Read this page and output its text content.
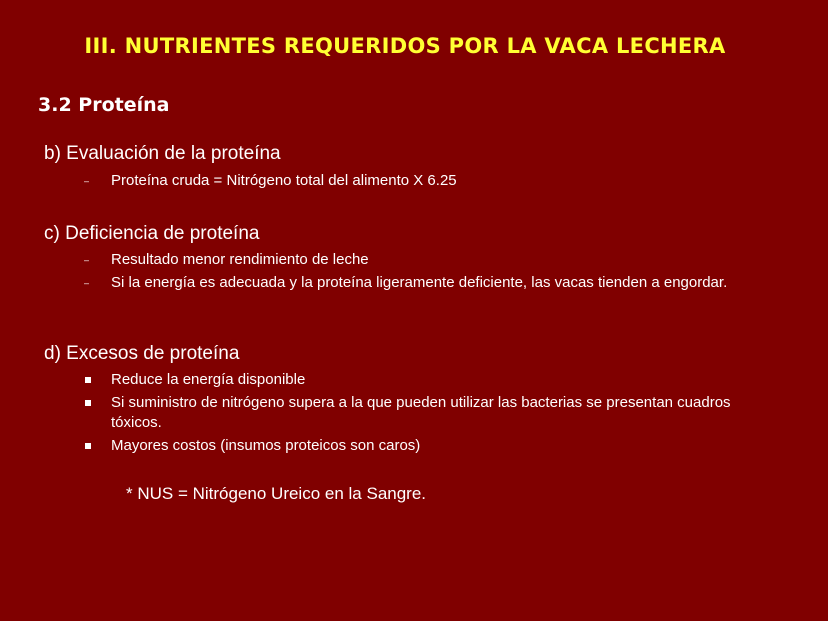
III. NUTRIENTES REQUERIDOS POR LA VACA LECHERA
3.2 Proteína
b) Evaluación de la proteína
– Proteína cruda = Nitrógeno total del alimento X 6.25
c) Deficiencia de proteína
– Resultado menor rendimiento de leche
– Si la energía es adecuada y la proteína ligeramente deficiente, las vacas tienden a engordar.
d) Excesos de proteína
Reduce la energía disponible
Si suministro de nitrógeno supera a la que pueden utilizar las bacterias se presentan cuadros tóxicos.
Mayores costos (insumos proteicos son caros)
* NUS = Nitrógeno Ureico en la Sangre.
